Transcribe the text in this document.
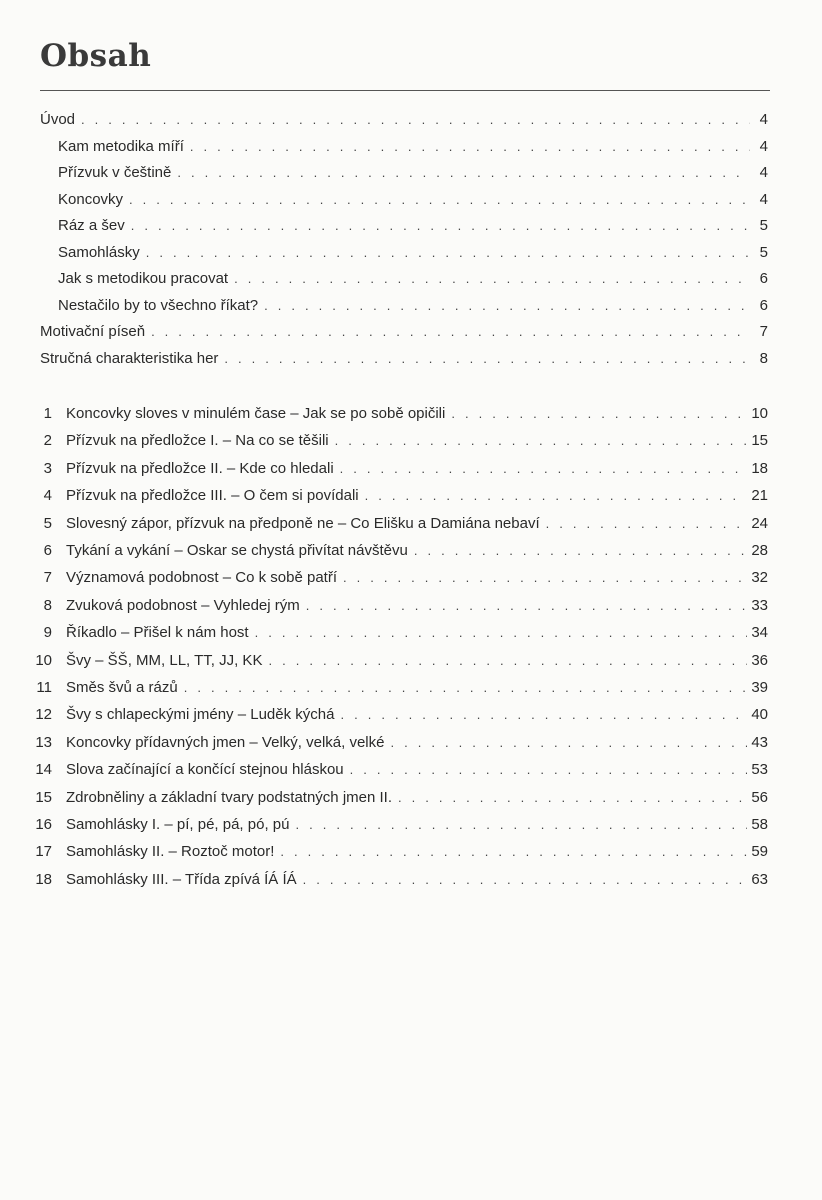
Obsah
Úvod . . .	4
Kam metodika míří . . .	4
Přízvuk v češtině . . .	4
Koncovky . . .	4
Ráz a šev . . .	5
Samohlásky . . .	5
Jak s metodikou pracovat . . .	6
Nestačilo by to všechno říkat? . . .	6
Motivační píseň . . .	7
Stručná charakteristika her . . .	8
1 Koncovky sloves v minulém čase – Jak se po sobě opičili . . .	10
2 Přízvuk na předložce I. – Na co se těšili . . .	15
3 Přízvuk na předložce II. – Kde co hledali . . .	18
4 Přízvuk na předložce III. – O čem si povídali . . .	21
5 Slovesný zápor, přízvuk na předponě ne – Co Elišku a Damiána nebaví . . .	24
6 Tykání a vykání – Oskar se chystá přivítat návštěvu . . .	28
7 Významová podobnost – Co k sobě patří . . .	32
8 Zvuková podobnost – Vyhledej rým . . .	33
9 Říkadlo – Přišel k nám host . . .	34
10 Švy – ŠŠ, MM, LL, TT, JJ, KK . . .	36
11 Směs švů a rázů . . .	39
12 Švy s chlapeckými jmény – Luděk kýchá . . .	40
13 Koncovky přídavných jmen – Velký, velká, velké . . .	43
14 Slova začínající a končící stejnou hláskou . . .	53
15 Zdrobněliny a základní tvary podstatných jmen II. . . .	56
16 Samohlásky I. – pí, pé, pá, pó, pú . . .	58
17 Samohlásky II. – Roztoč motor! . . .	59
18 Samohlásky III. – Třída zpívá ÍÁ ÍÁ . . .	63
